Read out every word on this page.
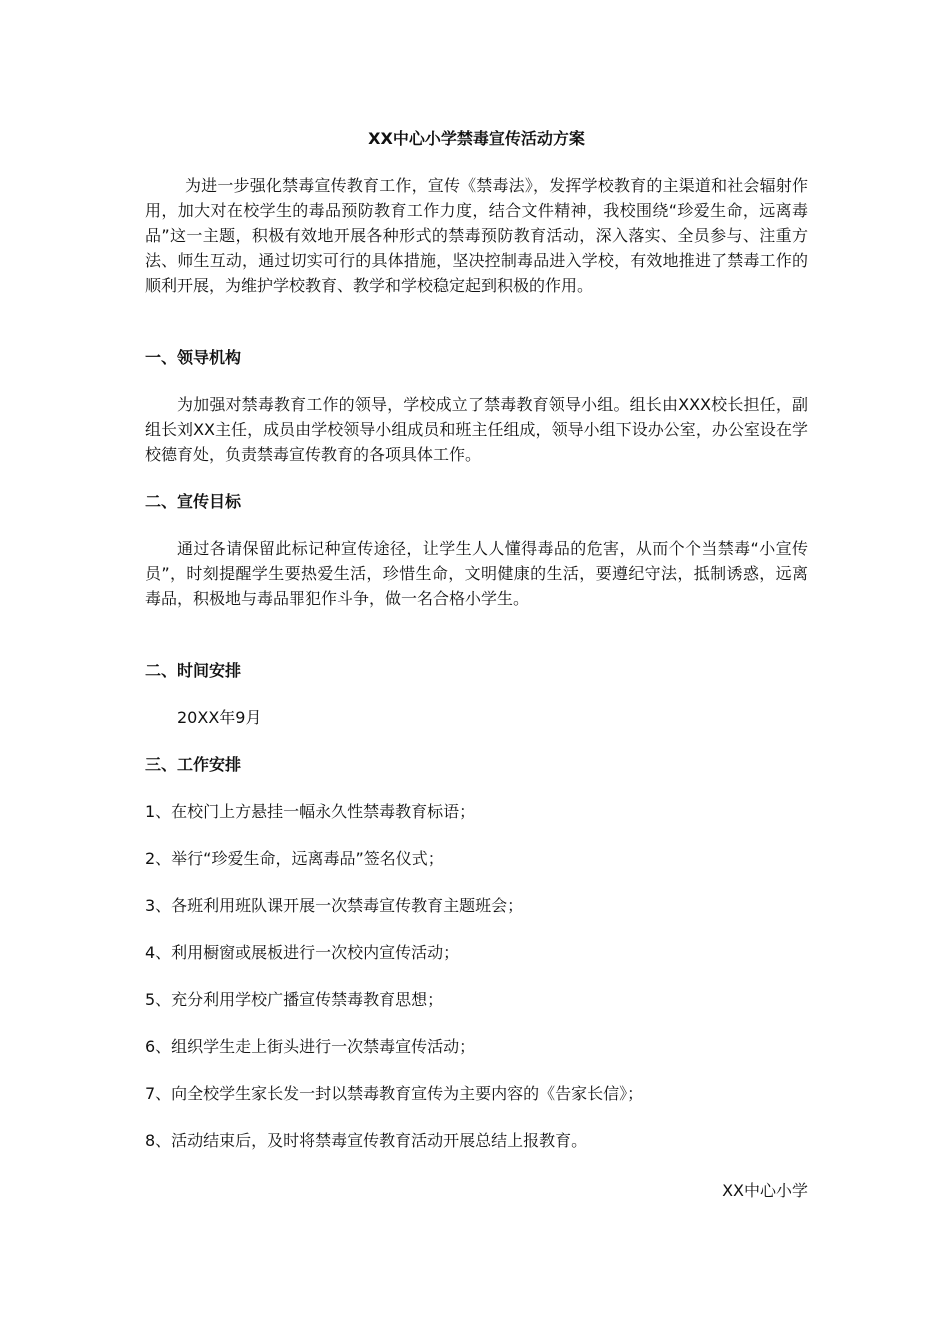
XX中心小学禁毒宣传活动方案

为进一步强化禁毒宣传教育工作，宣传《禁毒法》，发挥学校教育的主渠道和社会辐射作用，加大对在校学生的毒品预防教育工作力度，结合文件精神，我校围绕“珍爱生命，远离毒品”这一主题，积极有效地开展各种形式的禁毒预防教育活动，深入落实、全员参与、注重方法、师生互动，通过切实可行的具体措施，坚决控制毒品进入学校，有效地推进了禁毒工作的顺利开展，为维护学校教育、教学和学校稳定起到积极的作用。

一、领导机构

为加强对禁毒教育工作的领导，学校成立了禁毒教育领导小组。组长由XXX校长担任，副组长刘XX主任，成员由学校领导小组成员和班主任组成，领导小组下设办公室，办公室设在学校德育处，负责禁毒宣传教育的各项具体工作。

二、宣传目标

通过各请保留此标记种宣传途径，让学生人人懂得毒品的危害，从而个个当禁毒“小宣传员”，时刻提醒学生要热爱生活，珍惜生命，文明健康的生活，要遵纪守法，抵制诱惑，远离毒品，积极地与毒品罪犯作斗争，做一名合格小学生。

二、时间安排
20XX年9月
三、工作安排
1、在校门上方悬挂一幅永久性禁毒教育标语；
2、举行“珍爱生命，远离毒品”签名仪式；
3、各班利用班队课开展一次禁毒宣传教育主题班会；
4、利用橱窗或展板进行一次校内宣传活动；
5、充分利用学校广播宣传禁毒教育思想；
6、组织学生走上街头进行一次禁毒宣传活动；
7、向全校学生家长发一封以禁毒教育宣传为主要内容的《告家长信》；
8、活动结束后，及时将禁毒宣传教育活动开展总结上报教育。
XX中心小学
